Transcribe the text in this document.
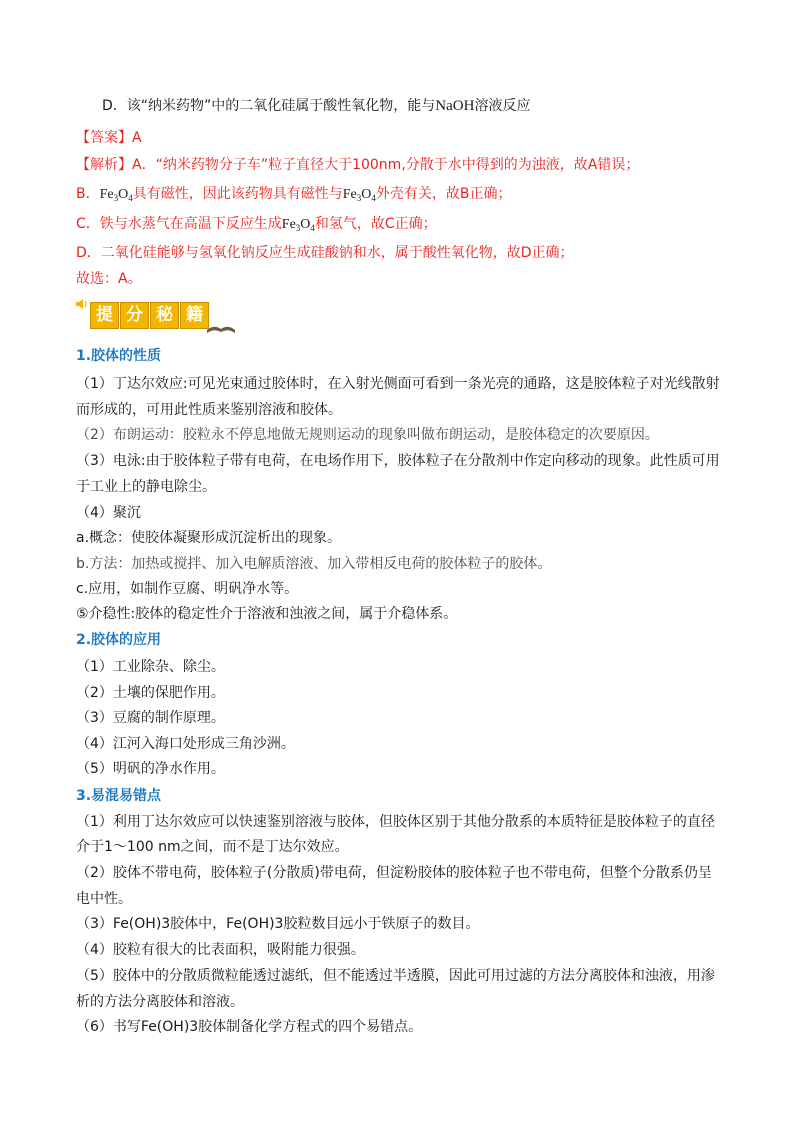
D．该“纳米药物”中的二氧化硅属于酸性氧化物，能与NaOH溶液反应
【答案】A
【解析】A．“纳米药物分子车”粒子直径大于100nm,分散于水中得到的为浊液，故A错误；
B．$Fe_3O_4$具有磁性，因此该药物具有磁性与$Fe_3O_4$外壳有关，故B正确；
C．铁与水蒸气在高温下反应生成$Fe_3O_4$和氢气，故C正确；
D．二氧化硅能够与氢氧化钠反应生成硅酸钠和水，属于酸性氧化物，故D正确；
故选：A。
提 分 秘 籍
1.胶体的性质
（1）丁达尔效应:可见光束通过胶体时，在入射光侧面可看到一条光亮的通路，这是胶体粒子对光线散射
而形成的，可用此性质来鉴别溶液和胶体。
（2）布朗运动：胶粒永不停息地做无规则运动的现象叫做布朗运动，是胶体稳定的次要原因。
（3）电泳:由于胶体粒子带有电荷，在电场作用下，胶体粒子在分散剂中作定向移动的现象。此性质可用
于工业上的静电除尘。
（4）聚沉
a.概念：使胶体凝聚形成沉淀析出的现象。
b.方法：加热或搅拌、加入电解质溶液、加入带相反电荷的胶体粒子的胶体。
c.应用，如制作豆腐、明矾净水等。
⑤介稳性:胶体的稳定性介于溶液和浊液之间，属于介稳体系。
2.胶体的应用
（1）工业除杂、除尘。
（2）土壤的保肥作用。
（3）豆腐的制作原理。
（4）江河入海口处形成三角沙洲。
（5）明矾的净水作用。
3.易混易错点
（1）利用丁达尔效应可以快速鉴别溶液与胶体，但胶体区别于其他分散系的本质特征是胶体粒子的直径
介于1～100 nm之间，而不是丁达尔效应。
（2）胶体不带电荷，胶体粒子(分散质)带电荷，但淀粉胶体的胶体粒子也不带电荷，但整个分散系仍呈
电中性。
（3）Fe(OH)3胶体中，Fe(OH)3胶粒数目远小于铁原子的数目。
（4）胶粒有很大的比表面积，吸附能力很强。
（5）胶体中的分散质微粒能透过滤纸，但不能透过半透膜，因此可用过滤的方法分离胶体和浊液，用渗
析的方法分离胶体和溶液。
（6）书写Fe(OH)3胶体制备化学方程式的四个易错点。
